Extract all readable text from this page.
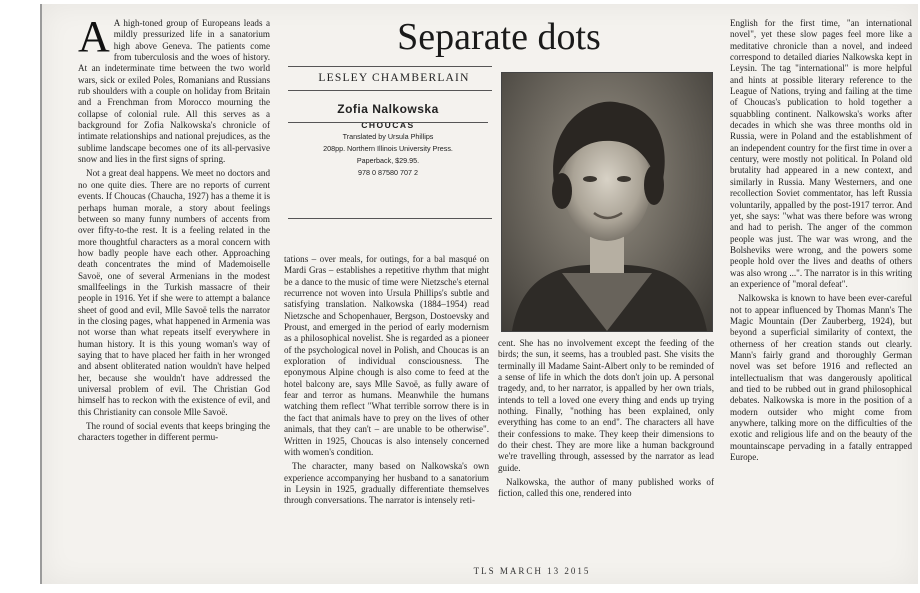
Separate dots
LESLEY CHAMBERLAIN
Zofia Nalkowska
CHOUCAS
Translated by Ursula Phillips
208pp. Northern Illinois University Press.
Paperback, $29.95.
978 0 87580 707 2

A A high-toned group of Europeans leads a mildly pressurized life in a sanatorium high above Geneva. The patients come from tuberculosis and the woes of history. At an indeterminate time between the two world wars, sick or exiled Poles, Romanians and Russians rub shoulders with a couple on holiday from Britain and a Frenchman from Morocco mourning the collapse of colonial rule. All this serves as a background for Zofia Nalkowska's chronicle of intimate relationships and national prejudices, as the sublime landscape becomes one of its all-pervasive snow and lies in the first signs of spring.

Not a great deal happens. We meet no doctors and no one quite dies. There are no reports of current events. If Choucas (Chaucha, 1927) has a theme it is perhaps human morale, a story about feelings between so many funny numbers of accents from over fifty-to-the rest. It is a feeling related in the more thoughtful characters as a moral concern with how badly people have each other. Approaching death concentrates the mind of Mademoiselle Savoë, one of several Armenians in the modest smallfeelings in the Turkish massacre of their people in 1916. Yet if she were to attempt a balance sheet of good and evil, Mlle Savoë tells the narrator in the closing pages, what happened in Armenia was not worse than what repeats itself everywhere in human history. It is this young woman's way of saying that to have placed her faith in her wronged and absent obliterated nation wouldn't have helped her, because she wouldn't have addressed the universal problem of evil. The Christian God himself has to reckon with the existence of evil, and this Christianity can console Mlle Savoë.

The round of social events that keeps bringing the characters together in different permu-

tations – over meals, for outings, for a bal masqué on Mardi Gras – establishes a repetitive rhythm that might be a dance to the music of time were Nietzsche's eternal recurrence not woven into Ursula Phillips's subtle and satisfying translation. Nalkowska (1884–1954) read Nietzsche and Schopenhauer, Bergson, Dostoevsky and Proust, and emerged in the period of early modernism as a philosophical novelist. She is regarded as a pioneer of the psychological novel in Polish, and Choucas is an exploration of individual consciousness. The eponymous Alpine chough is also come to feed at the hotel balcony are, says Mlle Savoë, as fully aware of fear and terror as humans. Meanwhile the humans watching them reflect "What terrible sorrow there is in the fact that animals have to prey on the lives of other animals, that they can't – are unable to be otherwise". Written in 1925, Choucas is also intensely concerned with women's condition.

The character, many based on Nalkowska's own experience accompanying her husband to a sanatorium in Leysin in 1925, gradually differentiate themselves through conversations. The narrator is intensely reti-

cent. She has no involvement except the feeding of the birds; the sun, it seems, has a troubled past. She visits the terminally ill Madame Saint-Albert only to be reminded of a sense of life in which the dots don't join up. A personal tragedy, and, to her narrator, is appalled by her own trials, intends to tell a loved one every thing and ends up trying nothing. Finally, "nothing has been explained, only everything has come to an end". The characters all have their confessions to make. They keep their dimensions to do their chest. They are more like a human background we're travelling through, assessed by the narrator as lead guide.

Nalkowska, the author of many published works of fiction, called this one, rendered into

English for the first time, "an international novel", yet these slow pages feel more like a meditative chronicle than a novel, and indeed correspond to detailed diaries Nalkowska kept in Leysin. The tag "international" is more helpful and hints at possible literary reference to the League of Nations, trying and failing at the time of Choucas's publication to hold together a squabbling continent. Nalkowska's works after decades in which she was three months old in Russia, were in Poland and the establishment of an independent country for the first time in over a century, were mostly not political. In Poland old brutality had appeared in a new context, and similarly in Russia. Many Westerners, and one recollection Soviet commentator, has left Russia voluntarily, appalled by the post-1917 terror. And yet, she says: "what was there before was wrong and had to perish. The anger of the common people was just. The war was wrong, and the Bolsheviks were wrong, and the powers some people hold over the lives and deaths of others was also wrong ...". The narrator is in this writing an experience of "moral defeat".

Nalkowska is known to have been ever-careful not to appear influenced by Thomas Mann's The Magic Mountain (Der Zauberberg, 1924), but beyond a superficial similarity of context, the otherness of her creation stands out clearly. Mann's fairly grand and thoroughly German novel was set before 1916 and reflected an intellectualism that was dangerously apolitical and tied to be rubbed out in grand philosophical debates. Nalkowska is more in the position of a modern outsider who might come from anywhere, talking more on the difficulties of the exotic and religious life and on the beauty of the mountainscape pervading in a fatally entrapped Europe.

TLS MARCH 13 2015
